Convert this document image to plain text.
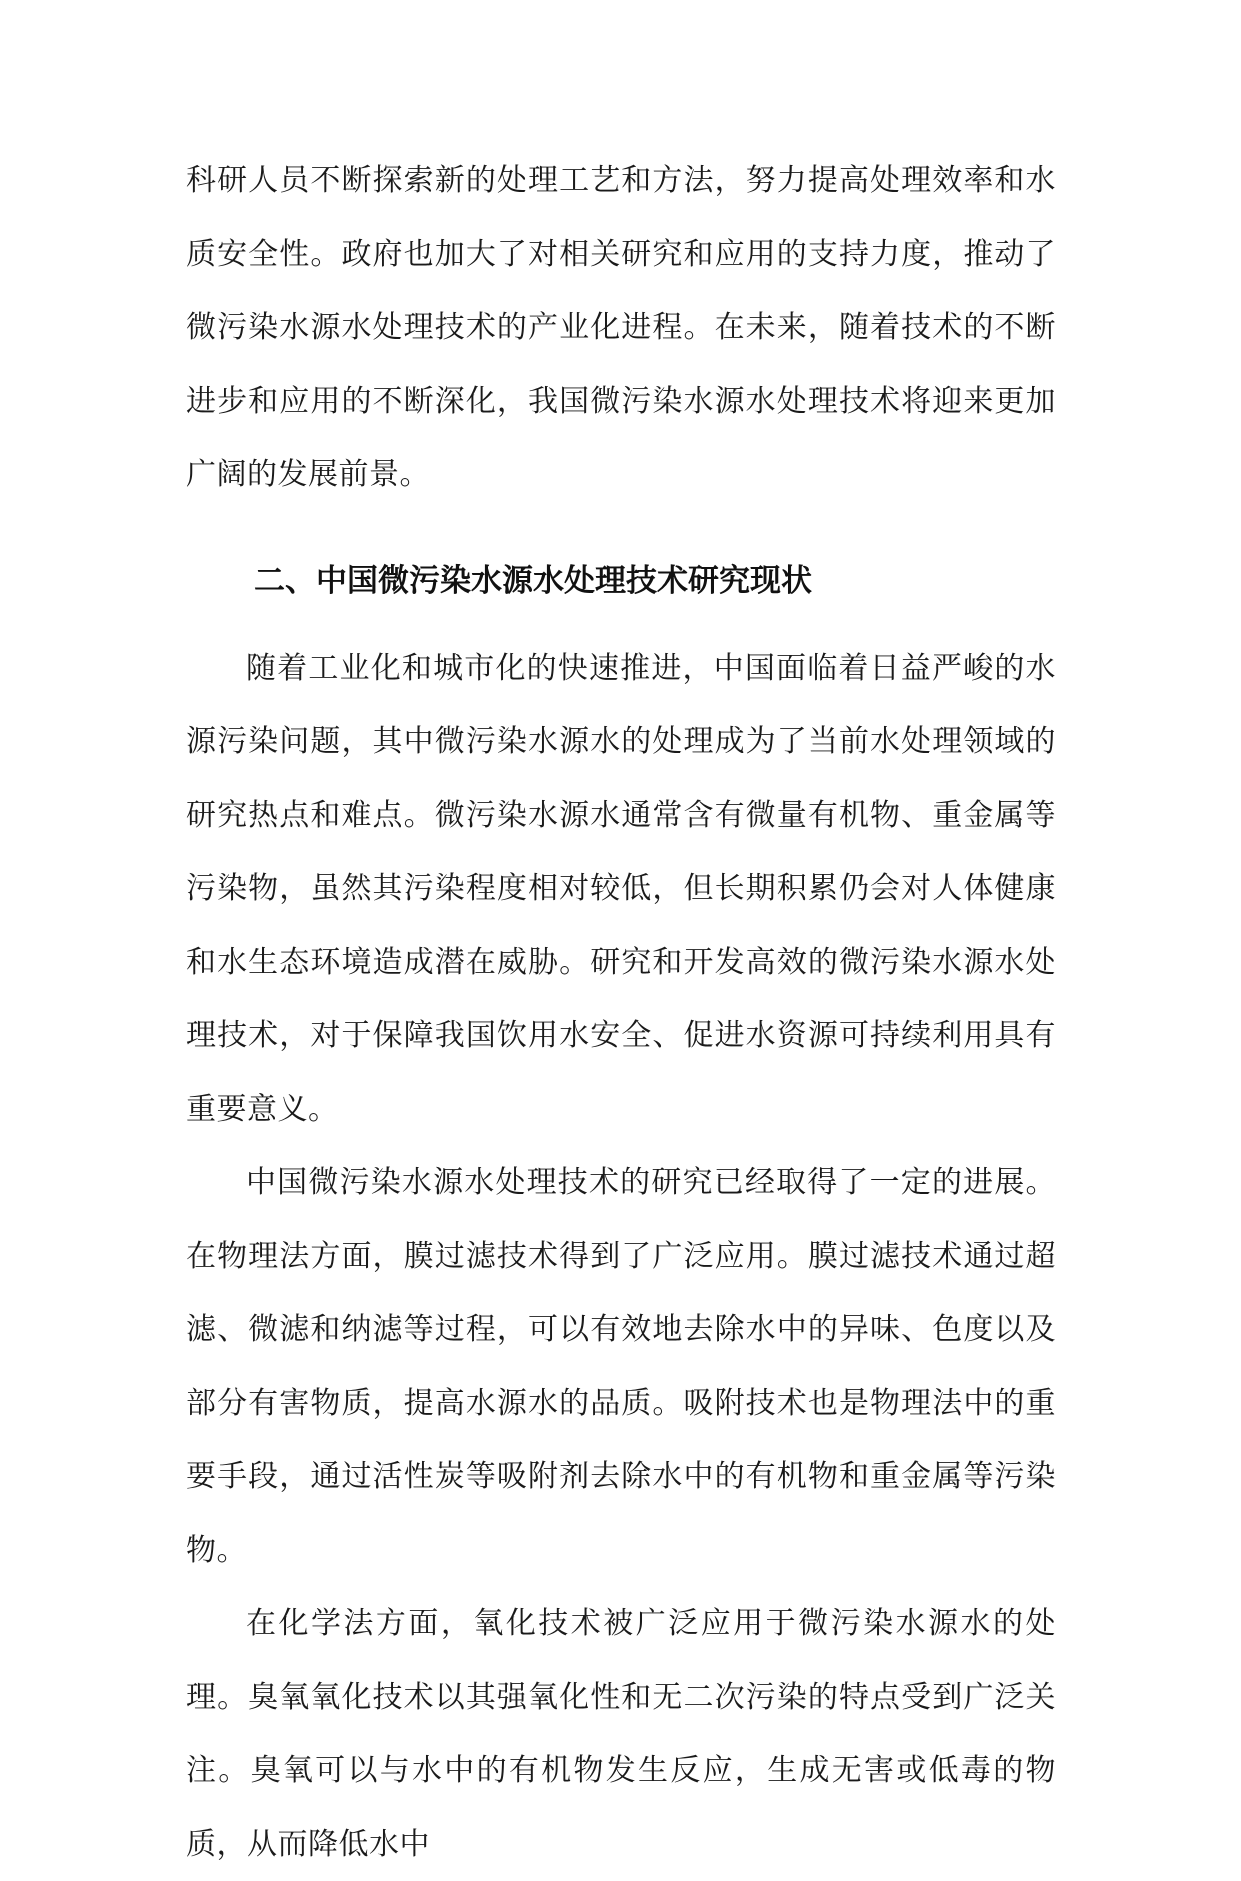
科研人员不断探索新的处理工艺和方法，努力提高处理效率和水质安全性。政府也加大了对相关研究和应用的支持力度，推动了微污染水源水处理技术的产业化进程。在未来，随着技术的不断进步和应用的不断深化，我国微污染水源水处理技术将迎来更加广阔的发展前景。

二、中国微污染水源水处理技术研究现状

随着工业化和城市化的快速推进，中国面临着日益严峻的水源污染问题，其中微污染水源水的处理成为了当前水处理领域的研究热点和难点。微污染水源水通常含有微量有机物、重金属等污染物，虽然其污染程度相对较低，但长期积累仍会对人体健康和水生态环境造成潜在威胁。研究和开发高效的微污染水源水处理技术，对于保障我国饮用水安全、促进水资源可持续利用具有重要意义。

中国微污染水源水处理技术的研究已经取得了一定的进展。在物理法方面，膜过滤技术得到了广泛应用。膜过滤技术通过超滤、微滤和纳滤等过程，可以有效地去除水中的异味、色度以及部分有害物质，提高水源水的品质。吸附技术也是物理法中的重要手段，通过活性炭等吸附剂去除水中的有机物和重金属等污染物。

在化学法方面，氧化技术被广泛应用于微污染水源水的处理。臭氧氧化技术以其强氧化性和无二次污染的特点受到广泛关注。臭氧可以与水中的有机物发生反应，生成无害或低毒的物质，从而降低水中
